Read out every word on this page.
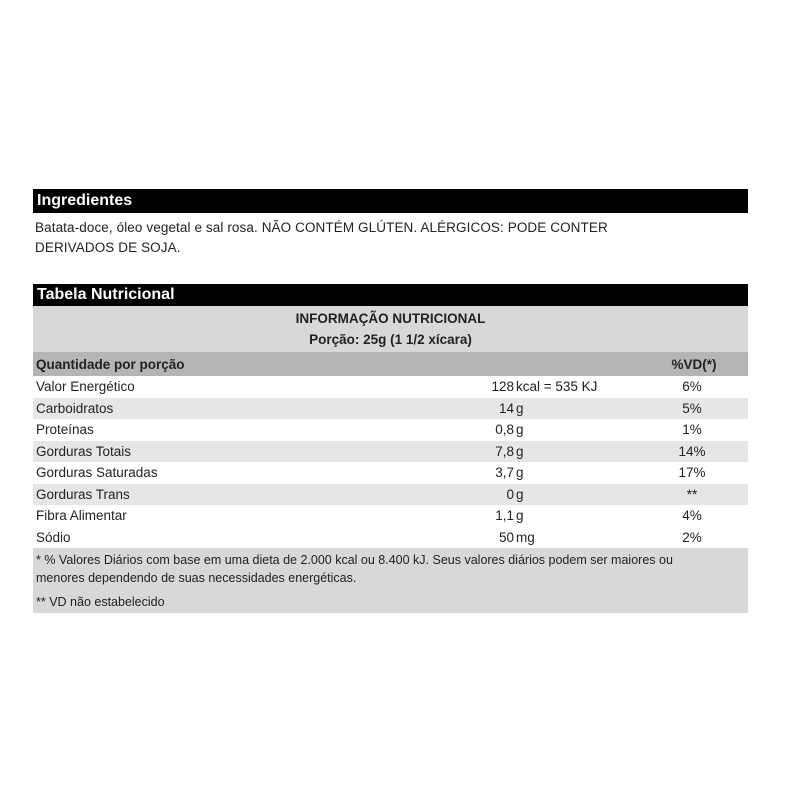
Ingredientes
Batata-doce, óleo vegetal e sal rosa. NÃO CONTÉM GLÚTEN. ALÉRGICOS: PODE CONTER
DERIVADOS DE SOJA.
Tabela Nutricional
INFORMAÇÃO NUTRICIONAL
Porção: 25g (1 1/2 xícara)
Quantidade por porção	%VD(*)
Valor Energético	128 kcal = 535 KJ	6%
Carboidratos	14 g	5%
Proteínas	0,8 g	1%
Gorduras Totais	7,8 g	14%
Gorduras Saturadas	3,7 g	17%
Gorduras Trans	0 g	**
Fibra Alimentar	1,1 g	4%
Sódio	50 mg	2%

* % Valores Diários com base em uma dieta de 2.000 kcal ou 8.400 kJ. Seus valores diários podem ser maiores ou

menores dependendo de suas necessidades energéticas.

** VD não estabelecido
